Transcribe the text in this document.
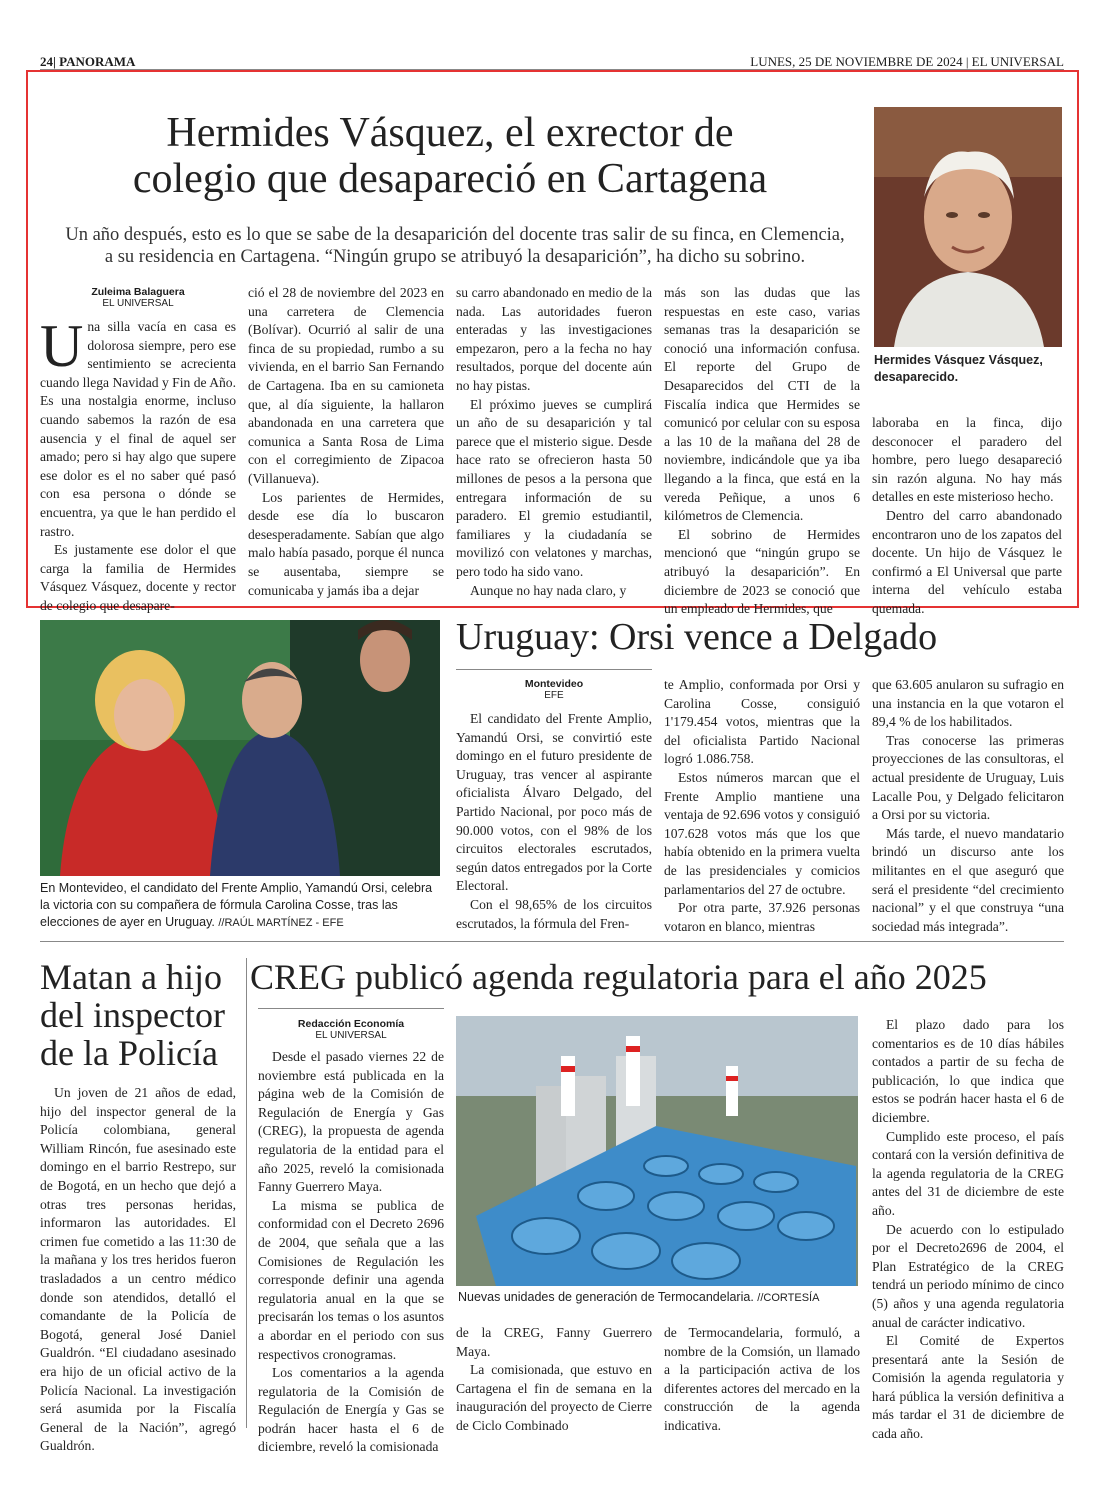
24| PANORAMA	LUNES, 25 DE NOVIEMBRE DE 2024 | EL UNIVERSAL
Hermides Vásquez, el exrector de
colegio que desapareció en Cartagena
Un año después, esto es lo que se sabe de la desaparición del docente tras salir de su finca, en Clemencia,
a su residencia en Cartagena. “Ningún grupo se atribuyó la desaparición”, ha dicho su sobrino.
Hermides Vásquez Vásquez, desaparecido.
Zuleima Balaguera
EL UNIVERSAL

Una silla vacía en casa es dolorosa siempre, pero ese sentimiento se acrecienta cuando llega Navidad y Fin de Año. Es una nostalgia enorme, incluso cuando sabemos la razón de esa ausencia y el final de aquel ser amado; pero si hay algo que supere ese dolor es el no saber qué pasó con esa persona o dónde se encuentra, ya que le han perdido el rastro.

Es justamente ese dolor el que carga la familia de Hermides Vásquez Vásquez, docente y rector de colegio que desapare-

ció el 28 de noviembre del 2023 en una carretera de Clemencia (Bolívar). Ocurrió al salir de una finca de su propiedad, rumbo a su vivienda, en el barrio San Fernando de Cartagena. Iba en su camioneta que, al día siguiente, la hallaron abandonada en una carretera que comunica a Santa Rosa de Lima con el corregimiento de Zipacoa (Villanueva).

Los parientes de Hermides, desde ese día lo buscaron desesperadamente. Sabían que algo malo había pasado, porque él nunca se ausentaba, siempre se comunicaba y jamás iba a dejar

su carro abandonado en medio de la nada. Las autoridades fueron enteradas y las investigaciones empezaron, pero a la fecha no hay resultados, porque del docente aún no hay pistas.

El próximo jueves se cumplirá un año de su desaparición y tal parece que el misterio sigue. Desde hace rato se ofrecieron hasta 50 millones de pesos a la persona que entregara información de su paradero. El gremio estudiantil, familiares y la ciudadanía se movilizó con velatones y marchas, pero todo ha sido vano.

Aunque no hay nada claro, y

más son las dudas que las respuestas en este caso, varias semanas tras la desaparición se conoció una información confusa. El reporte del Grupo de Desaparecidos del CTI de la Fiscalía indica que Hermides se comunicó por celular con su esposa a las 10 de la mañana del 28 de noviembre, indicándole que ya iba llegando a la finca, que está en la vereda Peñique, a unos 6 kilómetros de Clemencia.

El sobrino de Hermides mencionó que “ningún grupo se atribuyó la desaparición”. En diciembre de 2023 se conoció que un empleado de Hermides, que

laboraba en la finca, dijo desconocer el paradero del hombre, pero luego desapareció sin razón alguna. No hay más detalles en este misterioso hecho.

Dentro del carro abandonado encontraron uno de los zapatos del docente. Un hijo de Vásquez le confirmó a El Universal que parte interna del vehículo estaba quemada.

En Montevideo, el candidato del Frente Amplio, Yamandú Orsi, celebra la victoria con su compañera de fórmula Carolina Cosse, tras las elecciones de ayer en Uruguay. //RAÚL MARTÍNEZ - EFE
Uruguay: Orsi vence a Delgado
Montevideo
EFE

El candidato del Frente Amplio, Yamandú Orsi, se convirtió este domingo en el futuro presidente de Uruguay, tras vencer al aspirante oficialista Álvaro Delgado, del Partido Nacional, por poco más de 90.000 votos, con el 98% de los circuitos electorales escrutados, según datos entregados por la Corte Electoral.

Con el 98,65% de los circuitos escrutados, la fórmula del Fren-

te Amplio, conformada por Orsi y Carolina Cosse, consiguió 1'179.454 votos, mientras que la del oficialista Partido Nacional logró 1.086.758.

Estos números marcan que el Frente Amplio mantiene una ventaja de 92.696 votos y consiguió 107.628 votos más que los que había obtenido en la primera vuelta de las presidenciales y comicios parlamentarios del 27 de octubre.

Por otra parte, 37.926 personas votaron en blanco, mientras

que 63.605 anularon su sufragio en una instancia en la que votaron el 89,4 % de los habilitados.

Tras conocerse las primeras proyecciones de las consultoras, el actual presidente de Uruguay, Luis Lacalle Pou, y Delgado felicitaron a Orsi por su victoria.

Más tarde, el nuevo mandatario brindó un discurso ante los militantes en el que aseguró que será el presidente “del crecimiento nacional” y el que construya “una sociedad más integrada”.

Matan a hijo
del inspector
de la Policía

Un joven de 21 años de edad, hijo del inspector general de la Policía colombiana, general William Rincón, fue asesinado este domingo en el barrio Restrepo, sur de Bogotá, en un hecho que dejó a otras tres personas heridas, informaron las autoridades. El crimen fue cometido a las 11:30 de la mañana y los tres heridos fueron trasladados a un centro médico donde son atendidos, detalló el comandante de la Policía de Bogotá, general José Daniel Gualdrón. “El ciudadano asesinado era hijo de un oficial activo de la Policía Nacional. La investigación será asumida por la Fiscalía General de la Nación”, agregó Gualdrón.

CREG publicó agenda regulatoria para el año 2025
Redacción Economía
EL UNIVERSAL

Desde el pasado viernes 22 de noviembre está publicada en la página web de la Comisión de Regulación de Energía y Gas (CREG), la propuesta de agenda regulatoria de la entidad para el año 2025, reveló la comisionada Fanny Guerrero Maya.

La misma se publica de conformidad con el Decreto 2696 de 2004, que señala que a las Comisiones de Regulación les corresponde definir una agenda regulatoria anual en la que se precisarán los temas o los asuntos a abordar en el periodo con sus respectivos cronogramas.

Los comentarios a la agenda regulatoria de la Comisión de Regulación de Energía y Gas se podrán hacer hasta el 6 de diciembre, reveló la comisionada

Nuevas unidades de generación de Termocandelaria. //CORTESÍA

de la CREG, Fanny Guerrero Maya.

La comisionada, que estuvo en Cartagena el fin de semana en la inauguración del proyecto de Cierre de Ciclo Combinado

de Termocandelaria, formuló, a nombre de la Comsión, un llamado a la participación activa de los diferentes actores del mercado en la construcción de la agenda indicativa.

El plazo dado para los comentarios es de 10 días hábiles contados a partir de su fecha de publicación, lo que indica que estos se podrán hacer hasta el 6 de diciembre.

Cumplido este proceso, el país contará con la versión definitiva de la agenda regulatoria de la CREG antes del 31 de diciembre de este año.

De acuerdo con lo estipulado por el Decreto2696 de 2004, el Plan Estratégico de la CREG tendrá un periodo mínimo de cinco (5) años y una agenda regulatoria anual de carácter indicativo.

El Comité de Expertos presentará ante la Sesión de Comisión la agenda regulatoria y hará pública la versión definitiva a más tardar el 31 de diciembre de cada año.
